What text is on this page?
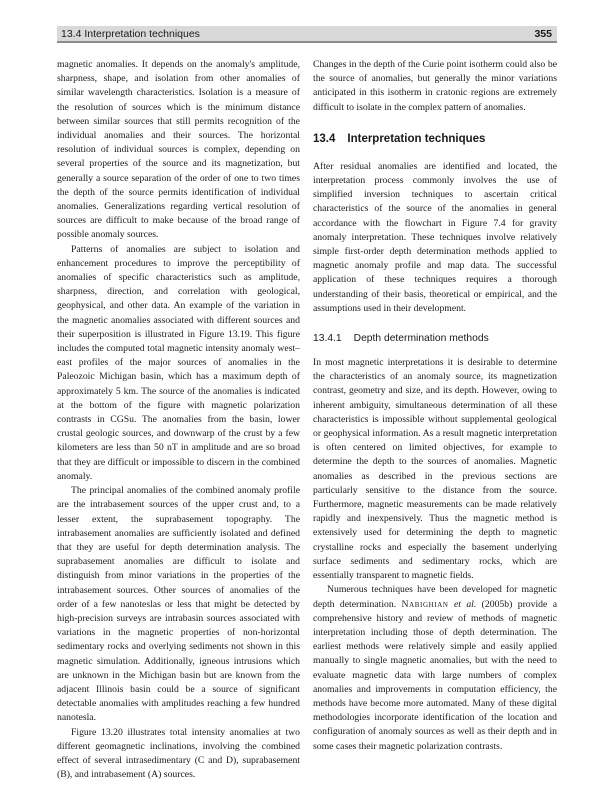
13.4 Interpretation techniques	355

magnetic anomalies. It depends on the anomaly's amplitude, sharpness, shape, and isolation from other anomalies of similar wavelength characteristics. Isolation is a measure of the resolution of sources which is the minimum distance between similar sources that still permits recognition of the individual anomalies and their sources. The horizontal resolution of individual sources is complex, depending on several properties of the source and its magnetization, but generally a source separation of the order of one to two times the depth of the source permits identification of individual anomalies. Generalizations regarding vertical resolution of sources are difficult to make because of the broad range of possible anomaly sources.

Patterns of anomalies are subject to isolation and enhancement procedures to improve the perceptibility of anomalies of specific characteristics such as amplitude, sharpness, direction, and correlation with geological, geophysical, and other data. An example of the variation in the magnetic anomalies associated with different sources and their superposition is illustrated in Figure 13.19. This figure includes the computed total magnetic intensity anomaly west–east profiles of the major sources of anomalies in the Paleozoic Michigan basin, which has a maximum depth of approximately 5 km. The source of the anomalies is indicated at the bottom of the figure with magnetic polarization contrasts in CGSu. The anomalies from the basin, lower crustal geologic sources, and downwarp of the crust by a few kilometers are less than 50 nT in amplitude and are so broad that they are difficult or impossible to discern in the combined anomaly.

The principal anomalies of the combined anomaly profile are the intrabasement sources of the upper crust and, to a lesser extent, the suprabasement topography. The intrabasement anomalies are sufficiently isolated and defined that they are useful for depth determination analysis. The suprabasement anomalies are difficult to isolate and distinguish from minor variations in the properties of the intrabasement sources. Other sources of anomalies of the order of a few nanoteslas or less that might be detected by high-precision surveys are intrabasin sources associated with variations in the magnetic properties of non-horizontal sedimentary rocks and overlying sediments not shown in this magnetic simulation. Additionally, igneous intrusions which are unknown in the Michigan basin but are known from the adjacent Illinois basin could be a source of significant detectable anomalies with amplitudes reaching a few hundred nanotesla.

Figure 13.20 illustrates total intensity anomalies at two different geomagnetic inclinations, involving the combined effect of several intrasedimentary (C and D), suprabasement (B), and intrabasement (A) sources.

Changes in the depth of the Curie point isotherm could also be the source of anomalies, but generally the minor variations anticipated in this isotherm in cratonic regions are extremely difficult to isolate in the complex pattern of anomalies.

13.4 Interpretation techniques

After residual anomalies are identified and located, the interpretation process commonly involves the use of simplified inversion techniques to ascertain critical characteristics of the source of the anomalies in general accordance with the flowchart in Figure 7.4 for gravity anomaly interpretation. These techniques involve relatively simple first-order depth determination methods applied to magnetic anomaly profile and map data. The successful application of these techniques requires a thorough understanding of their basis, theoretical or empirical, and the assumptions used in their development.

13.4.1 Depth determination methods

In most magnetic interpretations it is desirable to determine the characteristics of an anomaly source, its magnetization contrast, geometry and size, and its depth. However, owing to inherent ambiguity, simultaneous determination of all these characteristics is impossible without supplemental geological or geophysical information. As a result magnetic interpretation is often centered on limited objectives, for example to determine the depth to the sources of anomalies. Magnetic anomalies as described in the previous sections are particularly sensitive to the distance from the source. Furthermore, magnetic measurements can be made relatively rapidly and inexpensively. Thus the magnetic method is extensively used for determining the depth to magnetic crystalline rocks and especially the basement underlying surface sediments and sedimentary rocks, which are essentially transparent to magnetic fields.

Numerous techniques have been developed for magnetic depth determination. Nabighian et al. (2005b) provide a comprehensive history and review of methods of magnetic interpretation including those of depth determination. The earliest methods were relatively simple and easily applied manually to single magnetic anomalies, but with the need to evaluate magnetic data with large numbers of complex anomalies and improvements in computation efficiency, the methods have become more automated. Many of these digital methodologies incorporate identification of the location and configuration of anomaly sources as well as their depth and in some cases their magnetic polarization contrasts.
